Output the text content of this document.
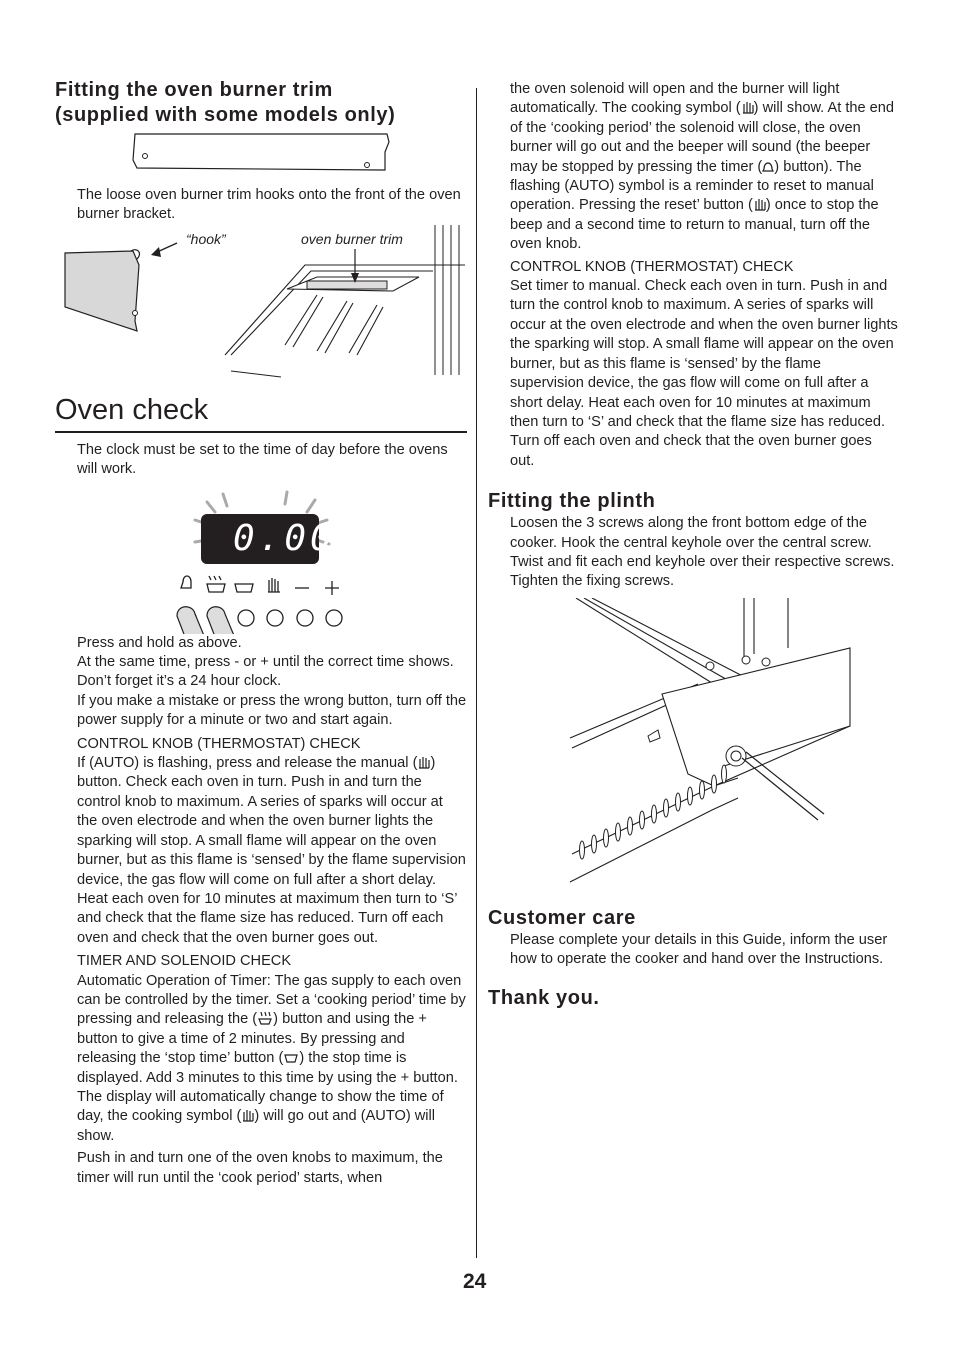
Fitting the oven burner trim
(supplied with some models only)

The loose oven burner trim hooks onto the front of the oven burner bracket.

“hook”	oven burner trim
Oven check

The clock must be set to the time of day before the ovens will work.

0.00

Press and hold as above.

At the same time, press - or + until the correct time shows.

Don’t forget it’s a 24 hour clock.

If you make a mistake or press the wrong button, turn off the power supply for a minute or two and start again.

CONTROL KNOB (THERMOSTAT) CHECK

If (AUTO) is flashing, press and release the manual ( ) button. Check each oven in turn. Push in and turn the control knob to maximum. A series of sparks will occur at the oven electrode and when the oven burner lights the sparking will stop. A small flame will appear on the oven burner, but as this flame is ‘sensed’ by the flame supervision device, the gas flow will come on full after a short delay. Heat each oven for 10 minutes at maximum then turn to ‘S’ and check that the flame size has reduced. Turn off each oven and check that the oven burner goes out.

TIMER AND SOLENOID CHECK

Automatic Operation of Timer: The gas supply to each oven can be controlled by the timer. Set a ‘cooking period’ time by pressing and releasing the ( ) button and using the + button to give a time of 2 minutes. By pressing and releasing the ‘stop time’ button ( ) the stop time is displayed. Add 3 minutes to this time by using the + button. The display will automatically change to show the time of day, the cooking symbol ( ) will go out and (AUTO) will show.

Push in and turn one of the oven knobs to maximum, the timer will run until the ‘cook period’ starts, when

the oven solenoid will open and the burner will light automatically. The cooking symbol ( ) will show. At the end of the ‘cooking period’ the solenoid will close, the oven burner will go out and the beeper will sound (the beeper may be stopped by pressing the timer ( ) button). The flashing (AUTO) symbol is a reminder to reset to manual operation. Pressing the reset’ button ( ) once to stop the beep and a second time to return to manual, turn off the oven knob.

CONTROL KNOB (THERMOSTAT) CHECK

Set timer to manual. Check each oven in turn. Push in and turn the control knob to maximum. A series of sparks will occur at the oven electrode and when the oven burner lights the sparking will stop. A small flame will appear on the oven burner, but as this flame is ‘sensed’ by the flame supervision device, the gas flow will come on full after a short delay. Heat each oven for 10 minutes at maximum then turn to ‘S’ and check that the flame size has reduced. Turn off each oven and check that the oven burner goes out.

Fitting the plinth

Loosen the 3 screws along the front bottom edge of the cooker. Hook the central keyhole over the central screw. Twist and fit each end keyhole over their respective screws. Tighten the fixing screws.

Customer care

Please complete your details in this Guide, inform the user how to operate the cooker and hand over the Instructions.

Thank you.
24
